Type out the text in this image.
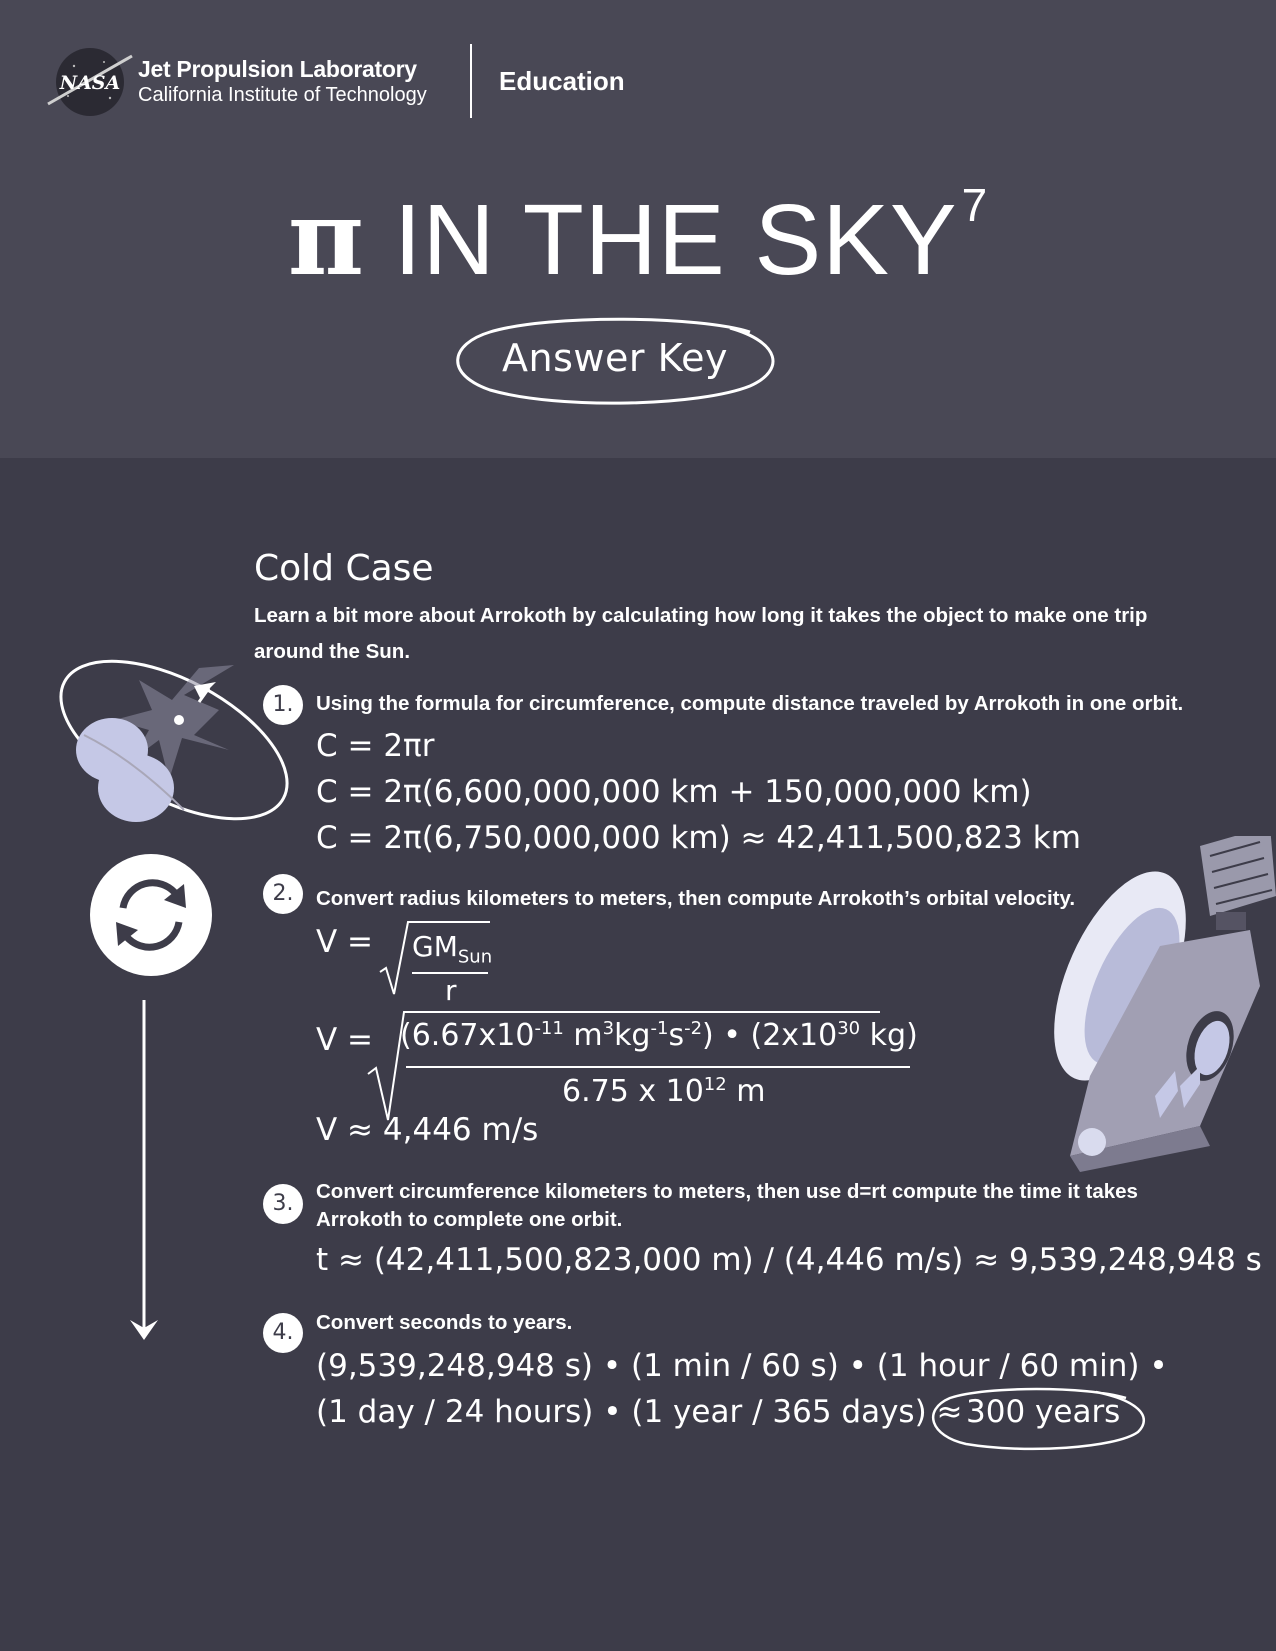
NASA
Jet Propulsion Laboratory
California Institute of Technology	Education
π IN THE SKY$^7$
Answer Key
Cold Case
Learn a bit more about Arrokoth by calculating how long it takes the object to make one trip around the Sun.
1.	Using the formula for circumference, compute distance traveled by Arrokoth in one orbit.
C = 2πr
C = 2π(6,600,000,000 km + 150,000,000 km)
C = 2π(6,750,000,000 km) ≈ 42,411,500,823 km
2.	Convert radius kilometers to meters, then compute Arrokoth’s orbital velocity.
$V = GM_{Sun}$
r
$V = (6.67x10^{-11}$ $m^3kg^{-1}s^{-2}$) • ($2x10^{30}$ kg)
6.75 x $10^{12}$ m
V ≈ 4,446 m/s
3.	Convert circumference kilometers to meters, then use d=rt compute the time it takes Arrokoth to complete one orbit.
t ≈ (42,411,500,823,000 m) / (4,446 m/s) ≈ 9,539,248,948 s
4.	Convert seconds to years.
(9,539,248,948 s) • (1 min / 60 s) • (1 hour / 60 min) •
(1 day / 24 hours) • (1 year / 365 days) ≈ 300 years
